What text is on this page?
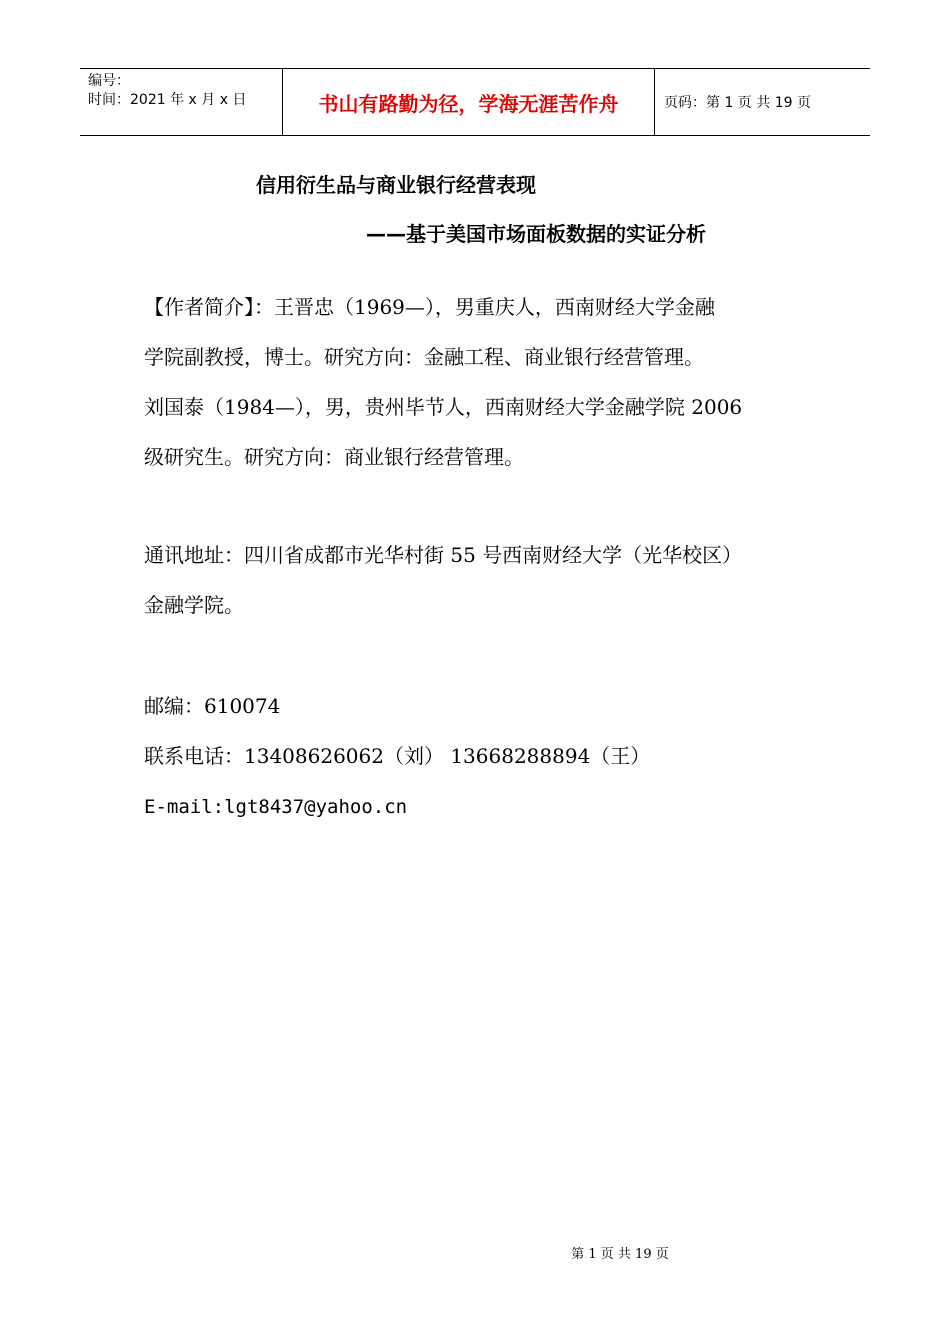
编号：
时间：2021 年 x 月 x 日	书山有路勤为径，学海无涯苦作舟	页码：第 1 页 共 19 页
信用衍生品与商业银行经营表现
——基于美国市场面板数据的实证分析
【作者简介】：王晋忠（1969—），男重庆人，西南财经大学金融
学院副教授，博士。研究方向：金融工程、商业银行经营管理。
刘国泰（1984—），男，贵州毕节人，西南财经大学金融学院 2006
级研究生。研究方向：商业银行经营管理。
通讯地址：四川省成都市光华村街 55 号西南财经大学（光华校区）
金融学院。
邮编：610074
联系电话：13408626062（刘） 13668288894（王）
E-mail:lgt8437@yahoo.cn
第 1 页 共 19 页
